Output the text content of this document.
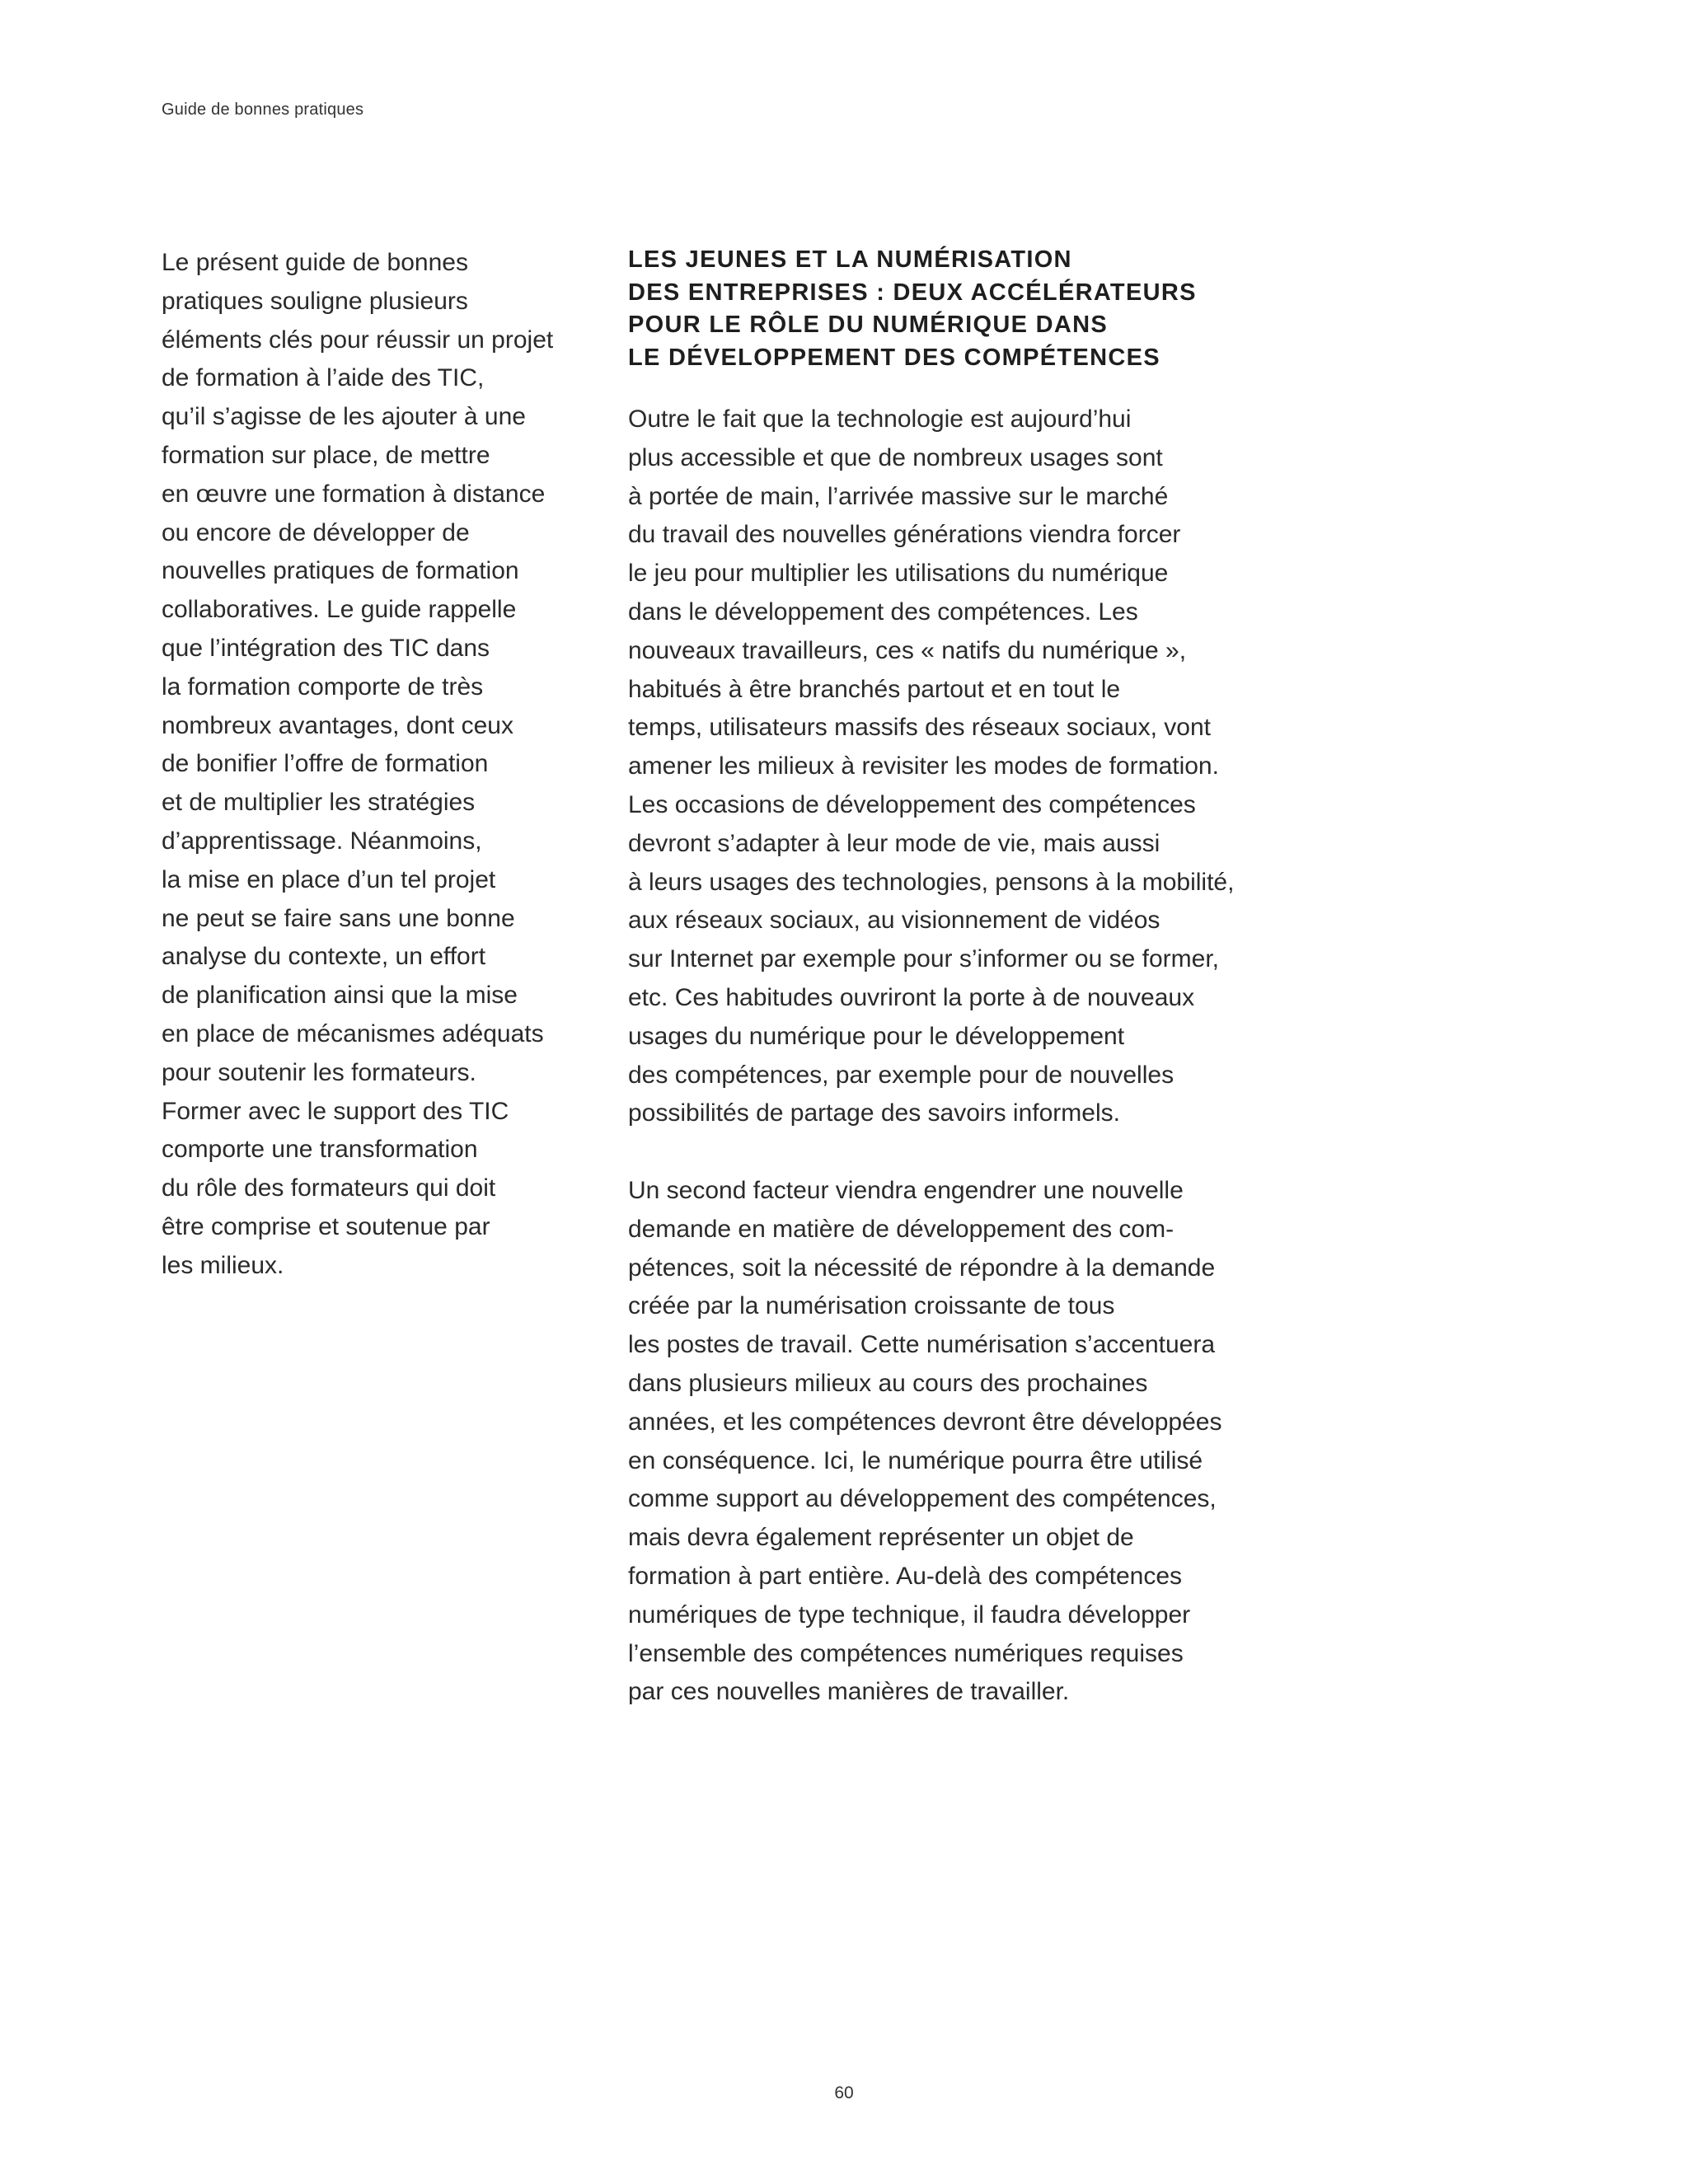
Guide de bonnes pratiques
Le présent guide de bonnes
pratiques souligne plusieurs
éléments clés pour réussir un projet
de formation à l’aide des TIC,
qu’il s’agisse de les ajouter à une
formation sur place, de mettre
en œuvre une formation à distance
ou encore de développer de
nouvelles pratiques de formation
collaboratives. Le guide rappelle
que l’intégration des TIC dans
la formation comporte de très
nombreux avantages, dont ceux
de bonifier l’offre de formation
et de multiplier les stratégies
d’apprentissage. Néanmoins,
la mise en place d’un tel projet
ne peut se faire sans une bonne
analyse du contexte, un effort
de planification ainsi que la mise
en place de mécanismes adéquats
pour soutenir les formateurs.
Former avec le support des TIC
comporte une transformation
du rôle des formateurs qui doit
être comprise et soutenue par
les milieux.
LES JEUNES ET LA NUMÉRISATION
DES ENTREPRISES : DEUX ACCÉLÉRATEURS
POUR LE RÔLE DU NUMÉRIQUE DANS
LE DÉVELOPPEMENT DES COMPÉTENCES
Outre le fait que la technologie est aujourd’hui
plus accessible et que de nombreux usages sont
à portée de main, l’arrivée massive sur le marché
du travail des nouvelles générations viendra forcer
le jeu pour multiplier les utilisations du numérique
dans le développement des compétences. Les
nouveaux travailleurs, ces « natifs du numérique »,
habitués à être branchés partout et en tout le
temps, utilisateurs massifs des réseaux sociaux, vont
amener les milieux à revisiter les modes de formation.
Les occasions de développement des compétences
devront s’adapter à leur mode de vie, mais aussi
à leurs usages des technologies, pensons à la mobilité,
aux réseaux sociaux, au visionnement de vidéos
sur Internet par exemple pour s’informer ou se former,
etc. Ces habitudes ouvriront la porte à de nouveaux
usages du numérique pour le développement
des compétences, par exemple pour de nouvelles
possibilités de partage des savoirs informels.
Un second facteur viendra engendrer une nouvelle
demande en matière de développement des com-
pétences, soit la nécessité de répondre à la demande
créée par la numérisation croissante de tous
les postes de travail. Cette numérisation s’accentuera
dans plusieurs milieux au cours des prochaines
années, et les compétences devront être développées
en conséquence. Ici, le numérique pourra être utilisé
comme support au développement des compétences,
mais devra également représenter un objet de
formation à part entière. Au-delà des compétences
numériques de type technique, il faudra développer
l’ensemble des compétences numériques requises
par ces nouvelles manières de travailler.
60
